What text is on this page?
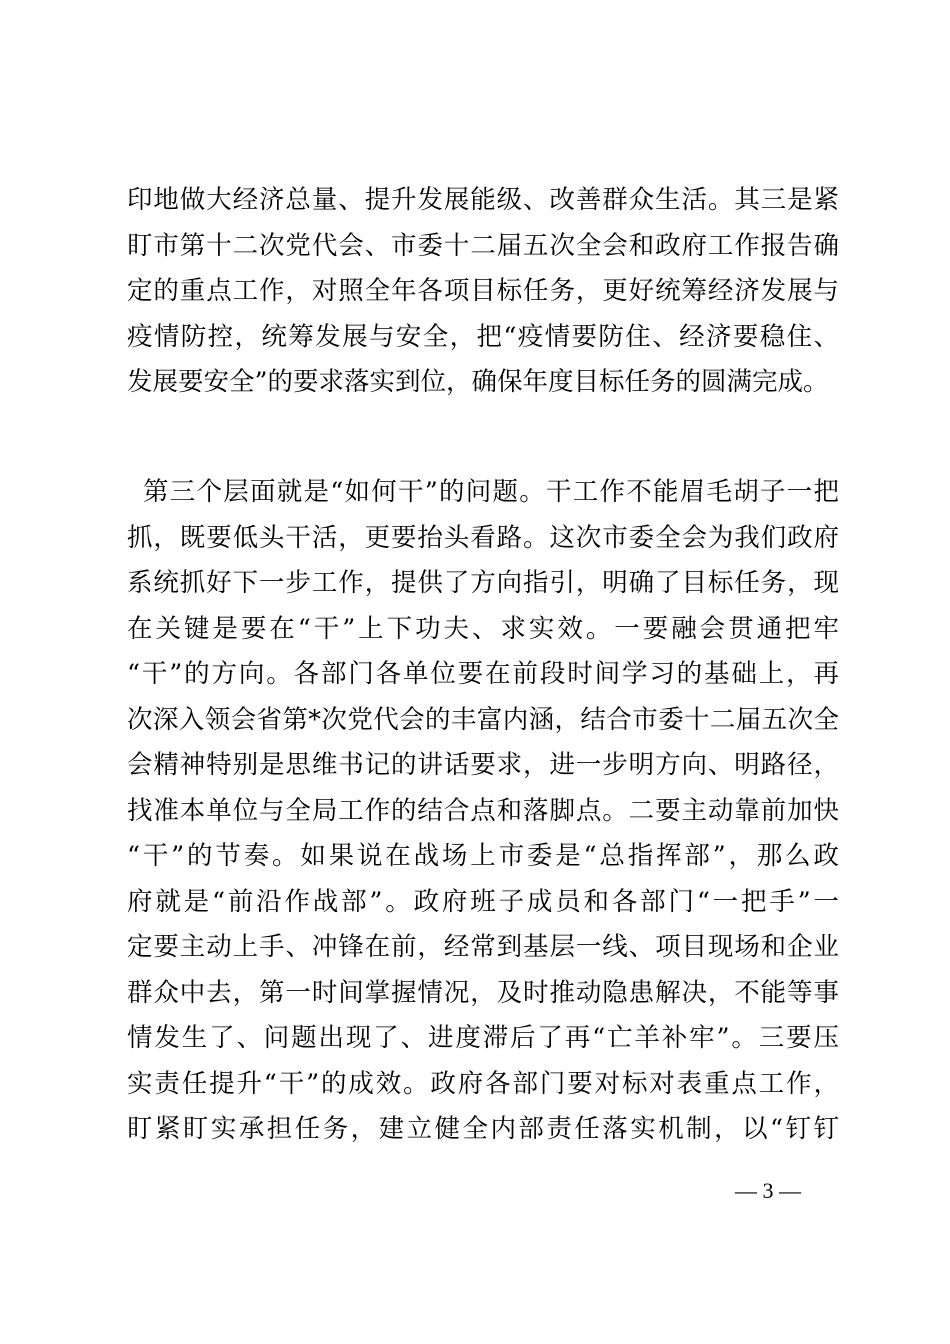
印地做大经济总量、提升发展能级、改善群众生活。其三是紧
盯市第十二次党代会、市委十二届五次全会和政府工作报告确
定的重点工作，对照全年各项目标任务，更好统筹经济发展与
疫情防控，统筹发展与安全，把“疫情要防住、经济要稳住、
发展要安全”的要求落实到位，确保年度目标任务的圆满完成。
第三个层面就是“如何干”的问题。干工作不能眉毛胡子一把
抓，既要低头干活，更要抬头看路。这次市委全会为我们政府
系统抓好下一步工作，提供了方向指引，明确了目标任务，现
在关键是要在“干”上下功夫、求实效。一要融会贯通把牢
“干”的方向。各部门各单位要在前段时间学习的基础上，再
次深入领会省第*次党代会的丰富内涵，结合市委十二届五次全
会精神特别是思维书记的讲话要求，进一步明方向、明路径，
找准本单位与全局工作的结合点和落脚点。二要主动靠前加快
“干”的节奏。如果说在战场上市委是“总指挥部”，那么政
府就是“前沿作战部”。政府班子成员和各部门“一把手”一
定要主动上手、冲锋在前，经常到基层一线、项目现场和企业
群众中去，第一时间掌握情况，及时推动隐患解决，不能等事
情发生了、问题出现了、进度滞后了再“亡羊补牢”。三要压
实责任提升“干”的成效。政府各部门要对标对表重点工作，
盯紧盯实承担任务，建立健全内部责任落实机制，以“钉钉
— 3 —
